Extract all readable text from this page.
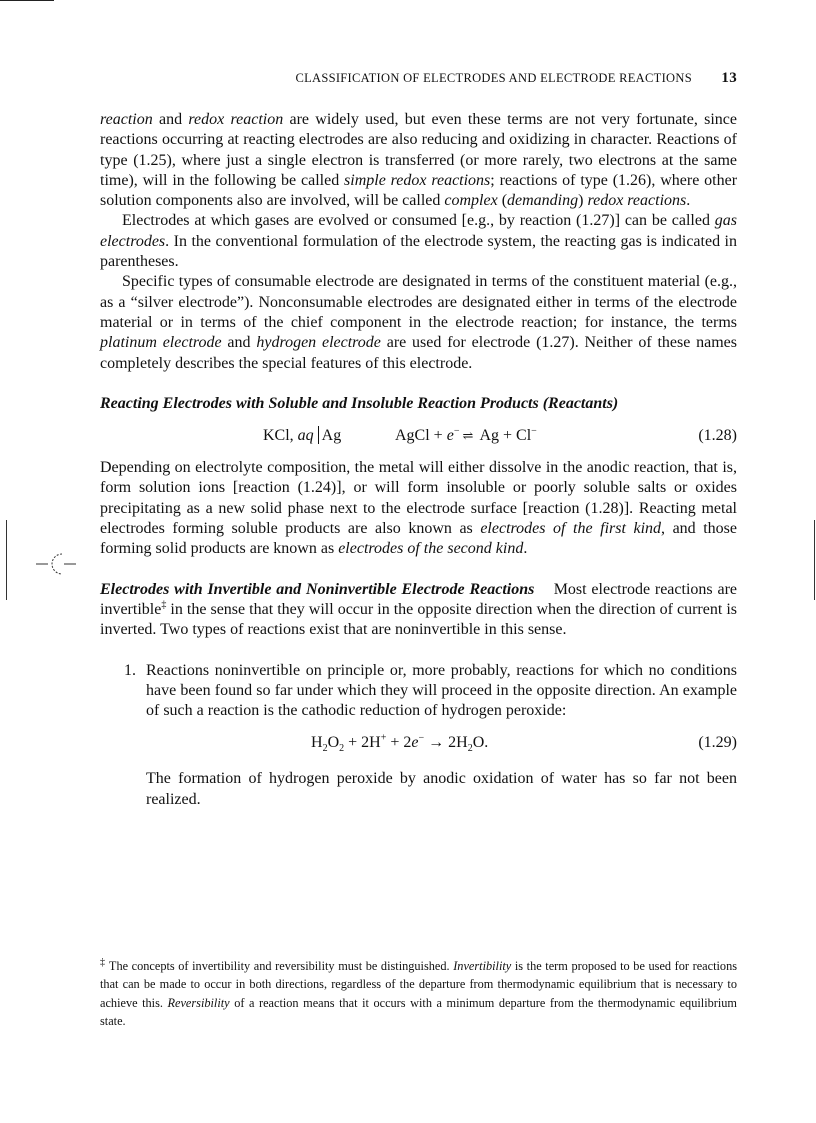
CLASSIFICATION OF ELECTRODES AND ELECTRODE REACTIONS 13

reaction and redox reaction are widely used, but even these terms are not very fortunate, since reactions occurring at reacting electrodes are also reducing and oxidizing in character. Reactions of type (1.25), where just a single electron is transferred (or more rarely, two electrons at the same time), will in the following be called simple redox reactions; reactions of type (1.26), where other solution components also are involved, will be called complex (demanding) redox reactions.

Electrodes at which gases are evolved or consumed [e.g., by reaction (1.27)] can be called gas electrodes. In the conventional formulation of the electrode system, the reacting gas is indicated in parentheses.

Specific types of consumable electrode are designated in terms of the constituent material (e.g., as a “silver electrode”). Nonconsumable electrodes are designated either in terms of the electrode material or in terms of the chief component in the electrode reaction; for instance, the terms platinum electrode and hydrogen electrode are used for electrode (1.27). Neither of these names completely describes the special features of this electrode.

Reacting Electrodes with Soluble and Insoluble Reaction Products (Reactants)
KCl, aq Ag	AgCl + e− ⇌ Ag + Cl−	(1.28)

Depending on electrolyte composition, the metal will either dissolve in the anodic reaction, that is, form solution ions [reaction (1.24)], or will form insoluble or poorly soluble salts or oxides precipitating as a new solid phase next to the electrode surface [reaction (1.28)]. Reacting metal electrodes forming soluble products are also known as electrodes of the first kind, and those forming solid products are known as electrodes of the second kind.

Electrodes with Invertible and Noninvertible Electrode Reactions Most electrode reactions are invertible‡ in the sense that they will occur in the opposite direction when the direction of current is inverted. Two types of reactions exist that are noninvertible in this sense.

1. Reactions noninvertible on principle or, more probably, reactions for which no conditions have been found so far under which they will proceed in the opposite direction. An example of such a reaction is the cathodic reduction of hydrogen peroxide:

$H_2O_2 + 2H^+ + 2e^- \to 2H_2O$.	(1.29)

The formation of hydrogen peroxide by anodic oxidation of water has so far not been realized.

‡ The concepts of invertibility and reversibility must be distinguished. Invertibility is the term proposed to be used for reactions that can be made to occur in both directions, regardless of the departure from thermodynamic equilibrium that is necessary to achieve this. Reversibility of a reaction means that it occurs with a minimum departure from the thermodynamic equilibrium state.
